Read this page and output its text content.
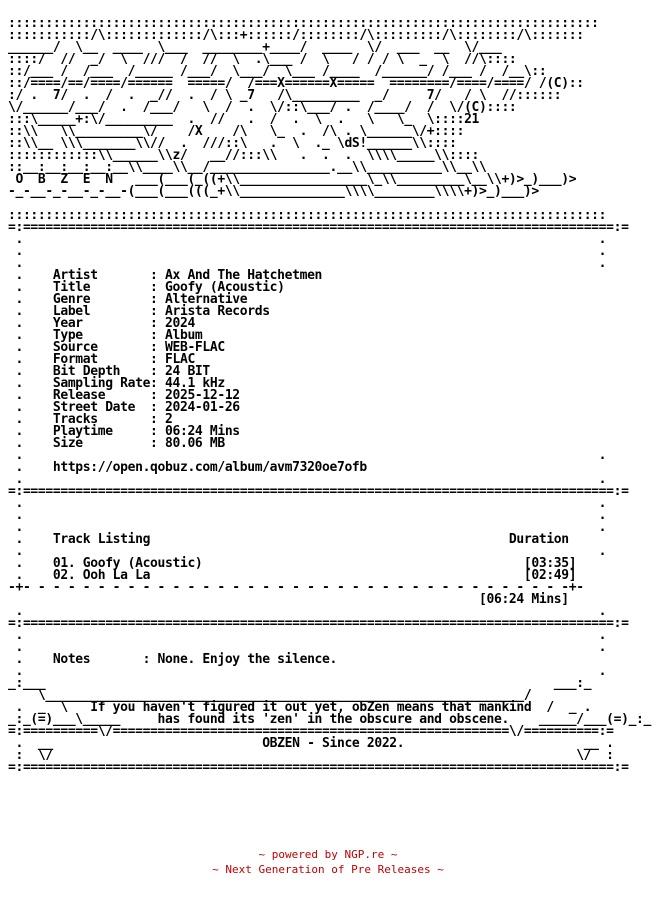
:::::::::::::::::::::::::::::::::::::::::::::::::::::::::::::::::::::::::::::::
:::::::::::/\:::::::::::::/\:::+::::::/::::::::/\:::::::::/\::::::::/\:::::::
______/  \__  ____  \___  ________+____/  ____  \/  ___  __  \/___
::::/  //  _/  \  ///  /  //  \  .\___ /  \   / / / \  _  \  //\::::
::/___ /  /___  /_____ /___/  \___/  \___ /____  /______/ /___ /  /__\::
::/====/==/====/======  =====/  /===X======X=====  ========/====/====/ /(C)::
:/ .  7/  .  /  .  _//  .  / \ _7   /\_________  _/     7/   / \  //::::::
\/______/___/  .  /___/   \  /  .  \/::\___/ .  /____/  /  \/(C)::::
:::\_____+:\/_________  .  //   .  /  .  \  .   \   \_  \::::21
::\\   \\_________\/    /X    /\   \_  .  /\ . \______\/+::::
::\\__ \\\_______\\//  .  ///::\   .  \  ._ \dS!______\\::::
::::::::::::\\______\\z/   __//:::\\   .  .  .  \\\\_____\\::::
::__:__:__:__:__\\____\\__/________________.__\\__________\\__\\
O  B  Z  E  N   ___(___(_((+\\_________________\_\\_________\__\\+)>_)___)>
-_-__-_-__-_-__-(___(___(((_+\\______________\\\\________\\\\+)>_)___)>

::::::::::::::::::::::::::::::::::::::::::::::::::::::::::::::::::::::::::::::::
=:===============================================================================:=
.                                                                             .
.                                                                             .
.                                                                             .
.    Artist       : Ax And The Hatchetmen
.    Title        : Goofy (Acoustic)
.    Genre        : Alternative
.    Label        : Arista Records
.    Year         : 2024
.    Type         : Album
.    Source       : WEB-FLAC
.    Format       : FLAC
.    Bit Depth    : 24 BIT
.    Sampling Rate: 44.1 kHz
.    Release      : 2025-12-12
.    Street Date  : 2024-01-26
.    Tracks       : 2
.    Playtime     : 06:24 Mins
.    Size         : 80.06 MB
.                                                                             .
.    https://open.qobuz.com/album/avm7320oe7ofb
.                                                                             .
=:===============================================================================:=
.                                                                             .
.                                                                             .
.                                                                             .
.    Track Listing                                                Duration
.                                                                             .
.    01. Goofy (Acoustic)                                           [03:35]
.    02. Ooh La La                                                  [02:49]
-+- - - - - - - - - - - - - - - - - - - - - - - - - - - - - - - - - - - - -+-
[06:24 Mins]
.                                                                             .
=:===============================================================================:=
.                                                                             .
.                                                                             .
.    Notes       : None. Enjoy the silence.
.                                                                             .
_:___                                                                    ___:_
\________________________________________________________________/
.  _  \   If you haven't figured it out yet, obZen means that mankind  /  _ .
_:_(=)___\_____     has found its 'zen' in the obscure and obscene.    _____/___(=)_:_
=:==========\/=====================================================\/==========:=
.  __                            OBZEN - Since 2022.                        __ .
:  \/                                                                      \/  :
=:===============================================================================:=

~ powered by NGP.re ~
~ Next Generation of Pre Releases ~
